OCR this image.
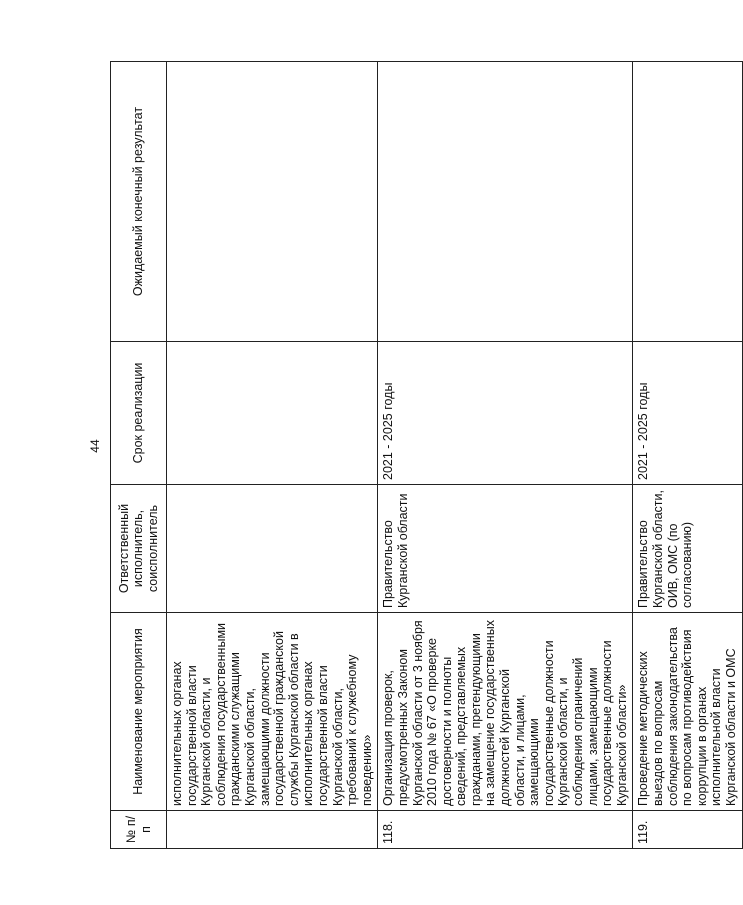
44
№ п/п	Наименование мероприятия	Ответственный исполнитель, соисполнитель	Срок реализации	Ожидаемый конечный результат
	исполнительных органах государственной власти Курганской области, и соблюдения государственными гражданскими служащими Курганской области, замещающими должности государственной гражданской службы Курганской области в исполнительных органах государственной власти Курганской области, требований к служебному поведению»			
118.	Организация проверок, предусмотренных Законом Курганской области от 3 ноября 2010 года № 67 «О проверке достоверности и полноты сведений, представляемых гражданами, претендующими на замещение государственных должностей Курганской области, и лицами, замещающими государственные должности Курганской области, и соблюдения ограничений лицами, замещающими государственные должности Курганской области»	Правительство Курганской области	2021 - 2025 годы	
119.	Проведение методических выездов по вопросам соблюдения законодательства по вопросам противодействия коррупции в органах исполнительной власти Курганской области и ОМС	Правительство Курганской области, ОИВ, ОМС (по согласованию)	2021 - 2025 годы	
